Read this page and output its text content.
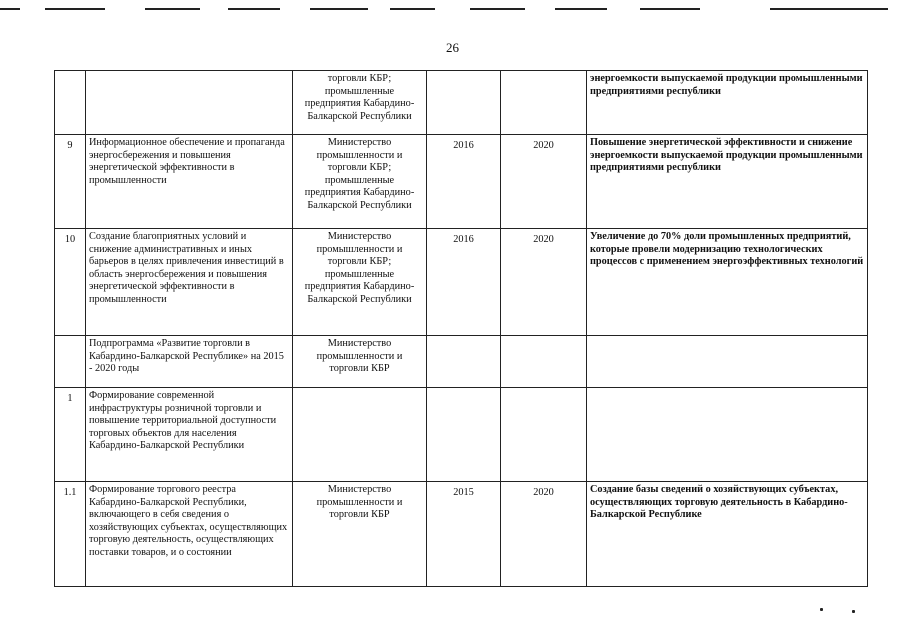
26
		торговли КБР; промышленные предприятия Кабардино-Балкарской Республики			энергоемкости выпускаемой продукции промышленными предприятиями республики
9	Информационное обеспечение и пропаганда энергосбережения и повышения энергетической эффективности в промышленности	Министерство промышленности и торговли КБР; промышленные предприятия Кабардино-Балкарской Республики	2016	2020	Повышение энергетической эффективности и снижение энергоемкости выпускаемой продукции промышленными предприятиями республики
10	Создание благоприятных условий и снижение административных и иных барьеров в целях привлечения инвестиций в область энергосбережения и повышения энергетической эффективности в промышленности	Министерство промышленности и торговли КБР; промышленные предприятия Кабардино-Балкарской Республики	2016	2020	Увеличение до 70% доли промышленных предприятий, которые провели модернизацию технологических процессов с применением энергоэффективных технологий
	Подпрограмма «Развитие торговли в Кабардино-Балкарской Республике» на 2015 - 2020 годы	Министерство промышленности и торговли КБР			
1	Формирование современной инфраструктуры розничной торговли и повышение территориальной доступности торговых объектов для населения Кабардино-Балкарской Республики				
1.1	Формирование торгового реестра Кабардино-Балкарской Республики, включающего в себя сведения о хозяйствующих субъектах, осуществляющих торговую деятельность, осуществляющих поставки товаров, и о состоянии	Министерство промышленности и торговли КБР	2015	2020	Создание базы сведений о хозяйствующих субъектах, осуществляющих торговую деятельность в Кабардино-Балкарской Республике
